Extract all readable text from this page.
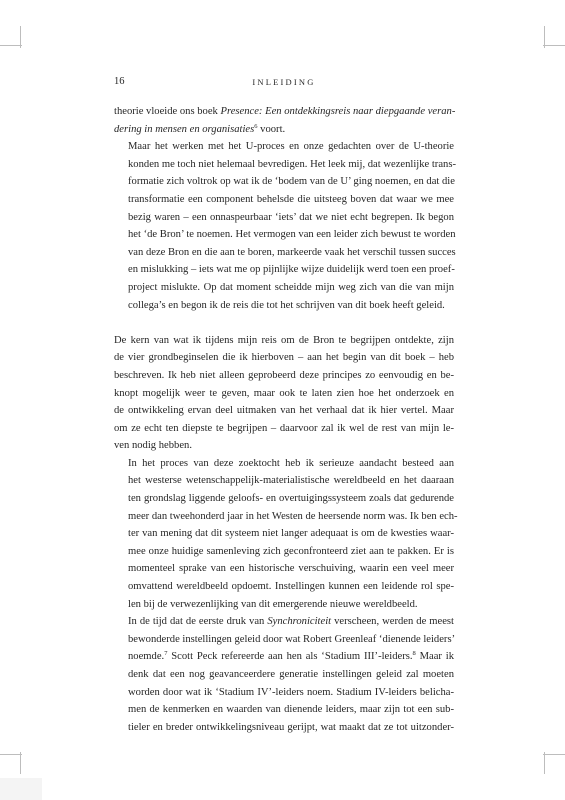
16	INLEIDING

theorie vloeide ons boek Presence: Een ontdekkingsreis naar diepgaande veran-
dering in mensen en organisaties$^6$ voort.

Maar het werken met het U-proces en onze gedachten over de U-theorie
konden me toch niet helemaal bevredigen. Het leek mij, dat wezenlijke trans-
formatie zich voltrok op wat ik de ‘bodem van de U’ ging noemen, en dat die
transformatie een component behelsde die uitsteeg boven dat waar we mee
bezig waren – een onnaspeurbaar ‘iets’ dat we niet echt begrepen. Ik begon
het ‘de Bron’ te noemen. Het vermogen van een leider zich bewust te worden
van deze Bron en die aan te boren, markeerde vaak het verschil tussen succes
en mislukking – iets wat me op pijnlijke wijze duidelijk werd toen een proef-
project mislukte. Op dat moment scheidde mijn weg zich van die van mijn
collega’s en begon ik de reis die tot het schrijven van dit boek heeft geleid.

De kern van wat ik tijdens mijn reis om de Bron te begrijpen ontdekte, zijn
de vier grondbeginselen die ik hierboven – aan het begin van dit boek – heb
beschreven. Ik heb niet alleen geprobeerd deze principes zo eenvoudig en be-
knopt mogelijk weer te geven, maar ook te laten zien hoe het onderzoek en
de ontwikkeling ervan deel uitmaken van het verhaal dat ik hier vertel. Maar
om ze echt ten diepste te begrijpen – daarvoor zal ik wel de rest van mijn le-
ven nodig hebben.

In het proces van deze zoektocht heb ik serieuze aandacht besteed aan
het westerse wetenschappelijk-materialistische wereldbeeld en het daaraan
ten grondslag liggende geloofs- en overtuigingssysteem zoals dat gedurende
meer dan tweehonderd jaar in het Westen de heersende norm was. Ik ben ech-
ter van mening dat dit systeem niet langer adequaat is om de kwesties waar-
mee onze huidige samenleving zich geconfronteerd ziet aan te pakken. Er is
momenteel sprake van een historische verschuiving, waarin een veel meer
omvattend wereldbeeld opdoemt. Instellingen kunnen een leidende rol spe-
len bij de verwezenlijking van dit emergerende nieuwe wereldbeeld.

In de tijd dat de eerste druk van Synchroniciteit verscheen, werden de meest
bewonderde instellingen geleid door wat Robert Greenleaf ‘dienende leiders’
noemde.$^7$ Scott Peck refereerde aan hen als ‘Stadium III’-leiders.$^8$ Maar ik
denk dat een nog geavanceerdere generatie instellingen geleid zal moeten
worden door wat ik ‘Stadium IV’-leiders noem. Stadium IV-leiders belicha-
men de kenmerken en waarden van dienende leiders, maar zijn tot een sub-
tieler en breder ontwikkelingsniveau gerijpt, wat maakt dat ze tot uitzonder-
